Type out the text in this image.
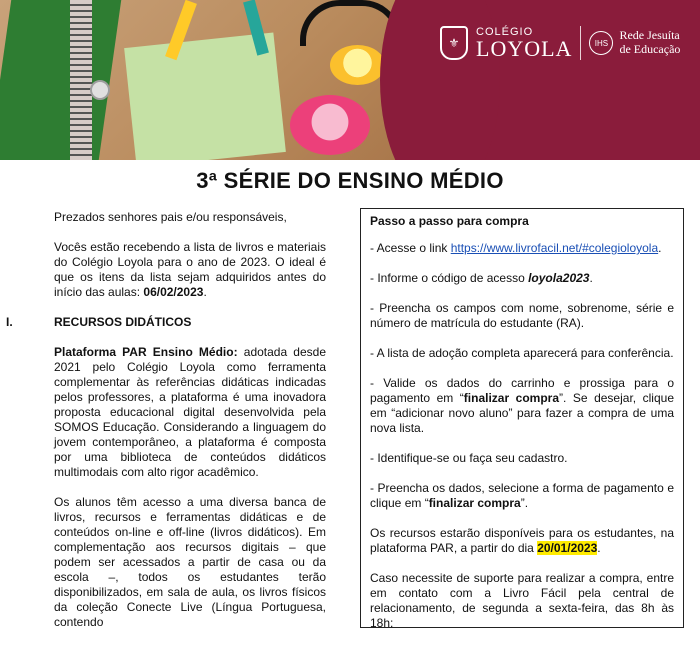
⚜
COLÉGIO
LOYOLA	IHS
Rede Jesuíta
de Educação
3ª SÉRIE DO ENSINO MÉDIO

Prezados senhores pais e/ou responsáveis,

Vocês estão recebendo a lista de livros e materiais do Colégio Loyola para o ano de 2023. O ideal é que os itens da lista sejam adquiridos antes do início das aulas: 06/02/2023.

I.	RECURSOS DIDÁTICOS

Plataforma PAR Ensino Médio: adotada desde 2021 pelo Colégio Loyola como ferramenta complementar às referências didáticas indicadas pelos professores, a plataforma é uma inovadora proposta educacional digital desenvolvida pela SOMOS Educação. Considerando a linguagem do jovem contemporâneo, a plataforma é composta por uma biblioteca de conteúdos didáticos multimodais com alto rigor acadêmico.

Os alunos têm acesso a uma diversa banca de livros, recursos e ferramentas didáticas e de conteúdos on-line e off-line (livros didáticos). Em complementação aos recursos digitais – que podem ser acessados a partir de casa ou da escola –, todos os estudantes terão disponibilizados, em sala de aula, os livros físicos da coleção Conecte Live (Língua Portuguesa, contendo

Passo a passo para compra

- Acesse o link https://www.livrofacil.net/#colegioloyola.

- Informe o código de acesso loyola2023.

- Preencha os campos com nome, sobrenome, série e número de matrícula do estudante (RA).

- A lista de adoção completa aparecerá para conferência.

- Valide os dados do carrinho e prossiga para o pagamento em “finalizar compra”. Se desejar, clique em “adicionar novo aluno” para fazer a compra de uma nova lista.

- Identifique-se ou faça seu cadastro.

- Preencha os dados, selecione a forma de pagamento e clique em “finalizar compra”.

Os recursos estarão disponíveis para os estudantes, na plataforma PAR, a partir do dia 20/01/2023.

Caso necessite de suporte para realizar a compra, entre em contato com a Livro Fácil pela central de relacionamento, de segunda a sexta-feira, das 8h às 18h:
